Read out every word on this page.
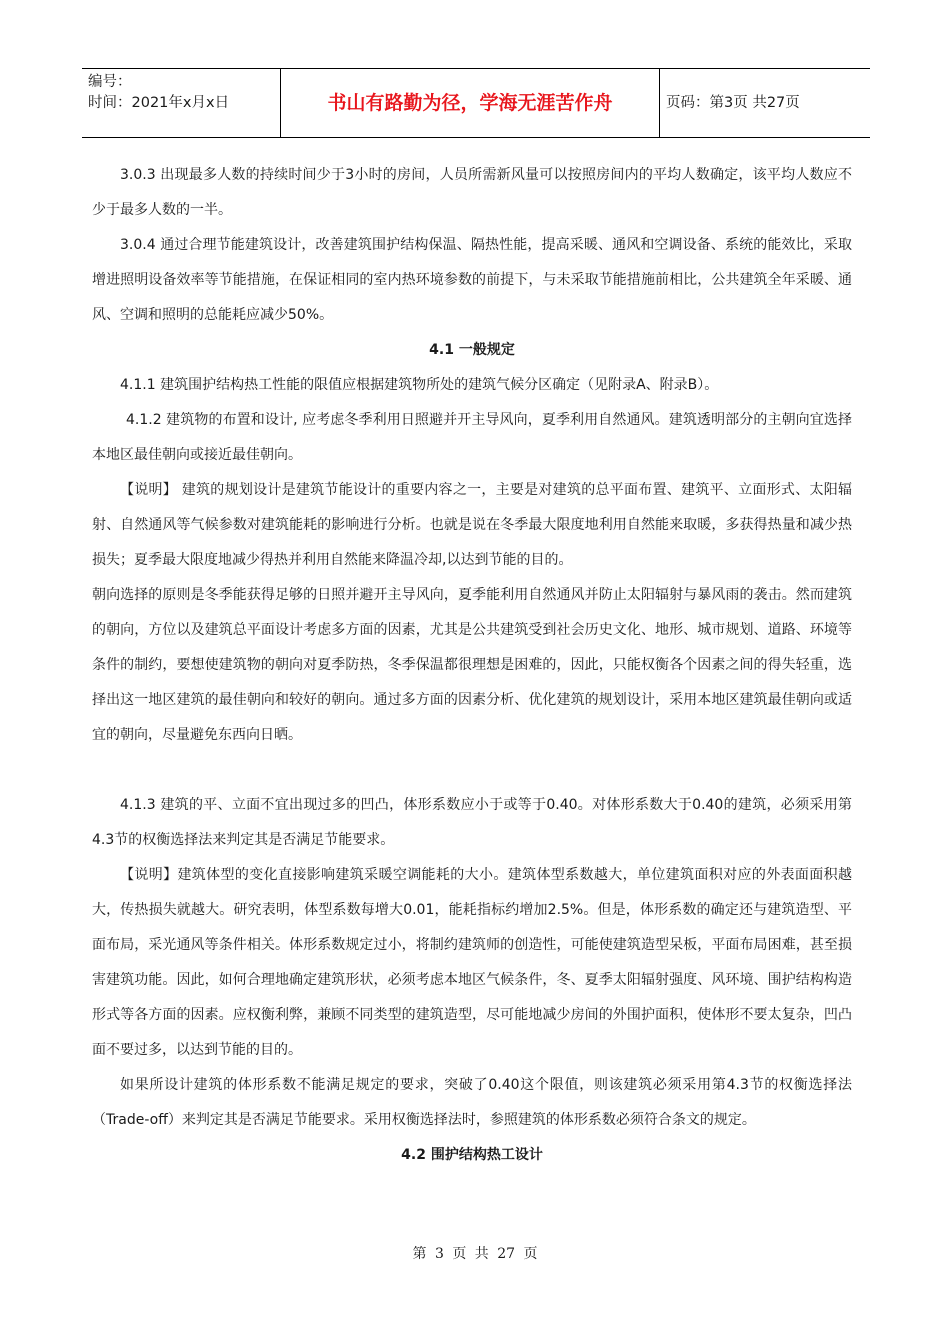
编号：
时间：2021年x月x日	书山有路勤为径，学海无涯苦作舟	页码：第3页 共27页

3.0.3 出现最多人数的持续时间少于3小时的房间，人员所需新风量可以按照房间内的平均人数确定，该平均人数应不少于最多人数的一半。

3.0.4 通过合理节能建筑设计，改善建筑围护结构保温、隔热性能，提高采暖、通风和空调设备、系统的能效比，采取增进照明设备效率等节能措施，在保证相同的室内热环境参数的前提下，与未采取节能措施前相比，公共建筑全年采暖、通风、空调和照明的总能耗应减少50%。

4.1 一般规定

4.1.1 建筑围护结构热工性能的限值应根据建筑物所处的建筑气候分区确定（见附录A、附录B）。

4.1.2 建筑物的布置和设计, 应考虑冬季利用日照避并开主导风向，夏季利用自然通风。建筑透明部分的主朝向宜选择本地区最佳朝向或接近最佳朝向。

【说明】 建筑的规划设计是建筑节能设计的重要内容之一，主要是对建筑的总平面布置、建筑平、立面形式、太阳辐射、自然通风等气候参数对建筑能耗的影响进行分析。也就是说在冬季最大限度地利用自然能来取暖，多获得热量和减少热损失；夏季最大限度地减少得热并利用自然能来降温冷却,以达到节能的目的。

朝向选择的原则是冬季能获得足够的日照并避开主导风向，夏季能利用自然通风并防止太阳辐射与暴风雨的袭击。然而建筑的朝向，方位以及建筑总平面设计考虑多方面的因素，尤其是公共建筑受到社会历史文化、地形、城市规划、道路、环境等条件的制约，要想使建筑物的朝向对夏季防热，冬季保温都很理想是困难的，因此，只能权衡各个因素之间的得失轻重，选择出这一地区建筑的最佳朝向和较好的朝向。通过多方面的因素分析、优化建筑的规划设计，采用本地区建筑最佳朝向或适宜的朝向，尽量避免东西向日晒。

4.1.3 建筑的平、立面不宜出现过多的凹凸，体形系数应小于或等于0.40。对体形系数大于0.40的建筑，必须采用第4.3节的权衡选择法来判定其是否满足节能要求。

【说明】建筑体型的变化直接影响建筑采暖空调能耗的大小。建筑体型系数越大，单位建筑面积对应的外表面面积越大，传热损失就越大。研究表明，体型系数每增大0.01，能耗指标约增加2.5%。但是，体形系数的确定还与建筑造型、平面布局，采光通风等条件相关。体形系数规定过小，将制约建筑师的创造性，可能使建筑造型呆板，平面布局困难，甚至损害建筑功能。因此，如何合理地确定建筑形状，必须考虑本地区气候条件，冬、夏季太阳辐射强度、风环境、围护结构构造形式等各方面的因素。应权衡利弊，兼顾不同类型的建筑造型，尽可能地减少房间的外围护面积，使体形不要太复杂，凹凸面不要过多，以达到节能的目的。

如果所设计建筑的体形系数不能满足规定的要求，突破了0.40这个限值，则该建筑必须采用第4.3节的权衡选择法（Trade-off）来判定其是否满足节能要求。采用权衡选择法时，参照建筑的体形系数必须符合条文的规定。

4.2 围护结构热工设计

第 3 页 共 27 页
